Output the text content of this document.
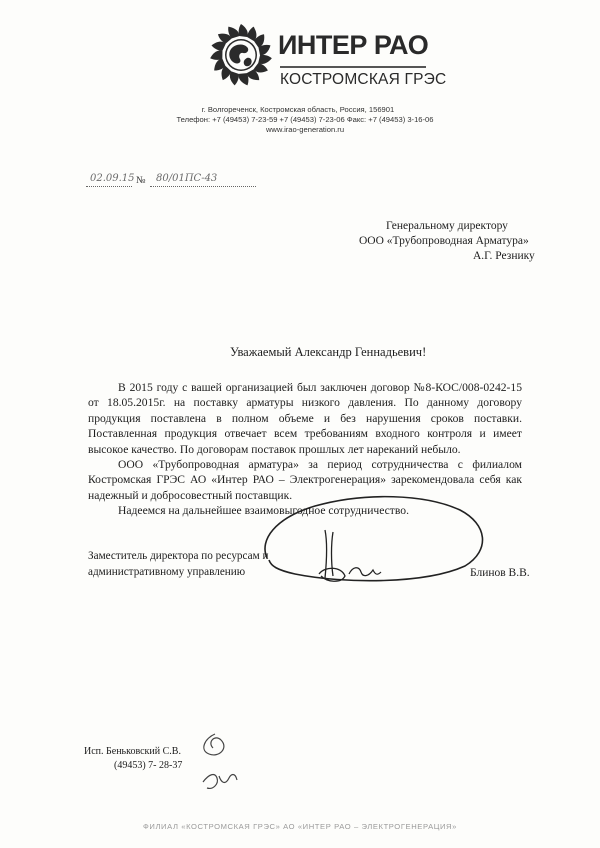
ИНТЕР РАО
КОСТРОМСКАЯ ГРЭС
г. Волгореченск, Костромская область, Россия, 156901
Телефон: +7 (49453) 7-23-59 +7 (49453) 7-23-06 Факс: +7 (49453) 3-16-06
www.irao-generation.ru
02.09.15 № 80/01ПС-43
Генеральному директору
ООО «Трубопроводная Арматура»
А.Г. Резнику
Уважаемый Александр Геннадьевич!

В 2015 году с вашей организацией был заключен договор №8-КОС/008-0242-15 от 18.05.2015г. на поставку арматуры низкого давления. По данному договору продукция поставлена в полном объеме и без нарушения сроков поставки. Поставленная продукция отвечает всем требованиям входного контроля и имеет высокое качество. По договорам поставок прошлых лет нареканий небыло.

ООО «Трубопроводная арматура» за период сотрудничества с филиалом Костромская ГРЭС АО «Интер РАО – Электрогенерация» зарекомендовала себя как надежный и добросовестный поставщик.

Надеемся на дальнейшее взаимовыгодное сотрудничество.

Заместитель директора по ресурсам и
административному управлению	Блинов В.В.
Исп. Беньковский С.В.
(49453) 7- 28-37
ФИЛИАЛ «КОСТРОМСКАЯ ГРЭС» АО «ИНТЕР РАО – ЭЛЕКТРОГЕНЕРАЦИЯ»
